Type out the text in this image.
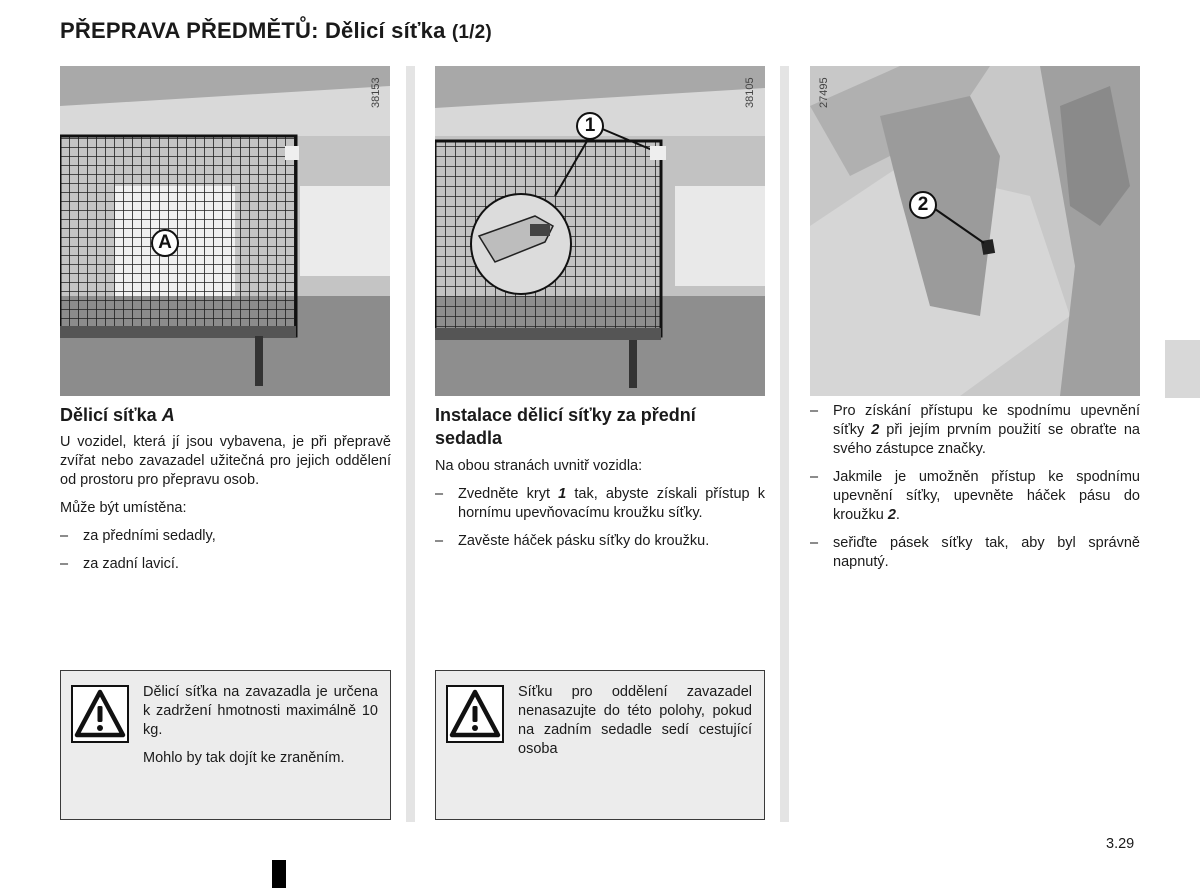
PŘEPRAVA PŘEDMĚTŮ: Dělicí síťka (1/2)
38153
A
38105
1
27495
2
Dělicí síťka A

U vozidel, která jí jsou vybavena, je při přepravě zvířat nebo zavazadel užitečná pro jejich oddělení od prostoru pro přepravu osob.

Může být umístěna:

–	za předními sedadly,
–	za zadní lavicí.
Instalace dělicí síťky za přední sedadla

Na obou stranách uvnitř vozidla:

–	Zvedněte kryt 1 tak, abyste získali přístup k hornímu upevňovacímu kroužku síťky.
–	Zavěste háček pásku síťky do kroužku.
–	Pro získání přístupu ke spodnímu upevnění síťky 2 při jejím prvním použití se obraťte na svého zástupce značky.
–	Jakmile je umožněn přístup ke spodnímu upevnění síťky, upevněte háček pásu do kroužku 2.
–	seřiďte pásek síťky tak, aby byl správně napnutý.

Dělicí síťka na zavazadla je určena k zadržení hmotnosti maximálně 10 kg.

Mohlo by tak dojít ke zraněním.

Síťku pro oddělení zavazadel nenasazujte do této polohy, pokud na zadním sedadle sedí cestující osoba

3.29
